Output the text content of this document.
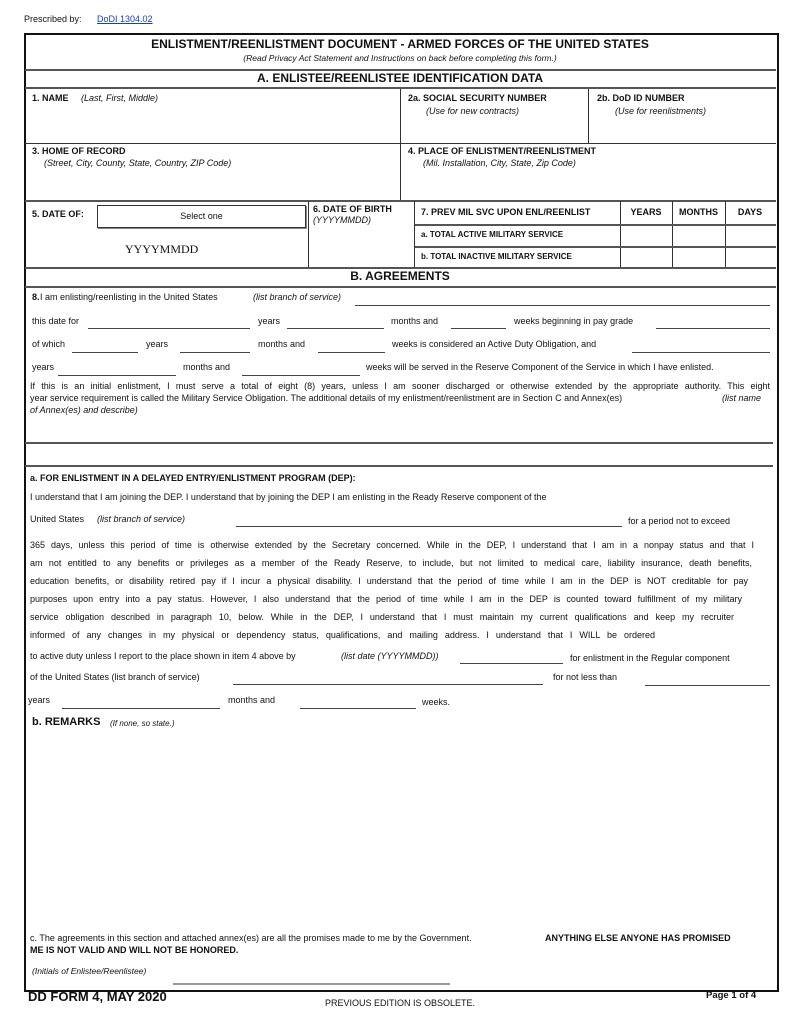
Prescribed by: DoDI 1304.02
ENLISTMENT/REENLISTMENT DOCUMENT - ARMED FORCES OF THE UNITED STATES
(Read Privacy Act Statement and Instructions on back before completing this form.)
A. ENLISTEE/REENLISTEE IDENTIFICATION DATA
1. NAME (Last, First, Middle)	2a. SOCIAL SECURITY NUMBER
(Use for new contracts)
2b. DoD ID NUMBER
(Use for reenlistments)
3. HOME OF RECORD
(Street, City, County, State, Country, ZIP Code)
4. PLACE OF ENLISTMENT/REENLISTMENT
(Mil. Installation, City, State, Zip Code)
5. DATE OF:	Select one
YYYYMMDD
6. DATE OF BIRTH
(YYYYMMDD)
7. PREV MIL SVC UPON ENL/REENLIST	YEARS	MONTHS	DAYS
a. TOTAL ACTIVE MILITARY SERVICE
b. TOTAL INACTIVE MILITARY SERVICE
B. AGREEMENTS
8. I am enlisting/reenlisting in the United States	(list branch of service)
this date for	years	months and	weeks beginning in pay grade
of which	years	months and	weeks is considered an Active Duty Obligation, and
years	months and	weeks will be served in the Reserve Component of the Service in which I have enlisted.
If this is an initial enlistment, I must serve a total of eight (8) years, unless I am sooner discharged or otherwise extended by the appropriate authority. This eight
year service requirement is called the Military Service Obligation. The additional details of my enlistment/reenlistment are in Section C and Annex(es)	(list name
of Annex(es) and describe)
a. FOR ENLISTMENT IN A DELAYED ENTRY/ENLISTMENT PROGRAM (DEP):
I understand that I am joining the DEP. I understand that by joining the DEP I am enlisting in the Ready Reserve component of the
United States (list branch of service)	for a period not to exceed
365 days, unless this period of time is otherwise extended by the Secretary concerned. While in the DEP, I understand that I am in a nonpay status and that I
am not entitled to any benefits or privileges as a member of the Ready Reserve, to include, but not limited to medical care, liability insurance, death benefits,
education benefits, or disability retired pay if I incur a physical disability. I understand that the period of time while I am in the DEP is NOT creditable for pay
purposes upon entry into a pay status. However, I also understand that the period of time while I am in the DEP is counted toward fulfillment of my military
service obligation described in paragraph 10, below. While in the DEP, I understand that I must maintain my current qualifications and keep my recruiter
informed of any changes in my physical or dependency status, qualifications, and mailing address. I understand that I WILL be ordered
to active duty unless I report to the place shown in item 4 above by	(list date (YYYYMMDD))	for enlistment in the Regular component
of the United States (list branch of service)	for not less than
years	months and	weeks.
b. REMARKS (If none, so state.)
c. The agreements in this section and attached annex(es) are all the promises made to me by the Government.	ANYTHING ELSE ANYONE HAS PROMISED
ME IS NOT VALID AND WILL NOT BE HONORED.
(Initials of Enlistee/Reenlistee)
DD FORM 4, MAY 2020	PREVIOUS EDITION IS OBSOLETE.
Page 1 of 4
